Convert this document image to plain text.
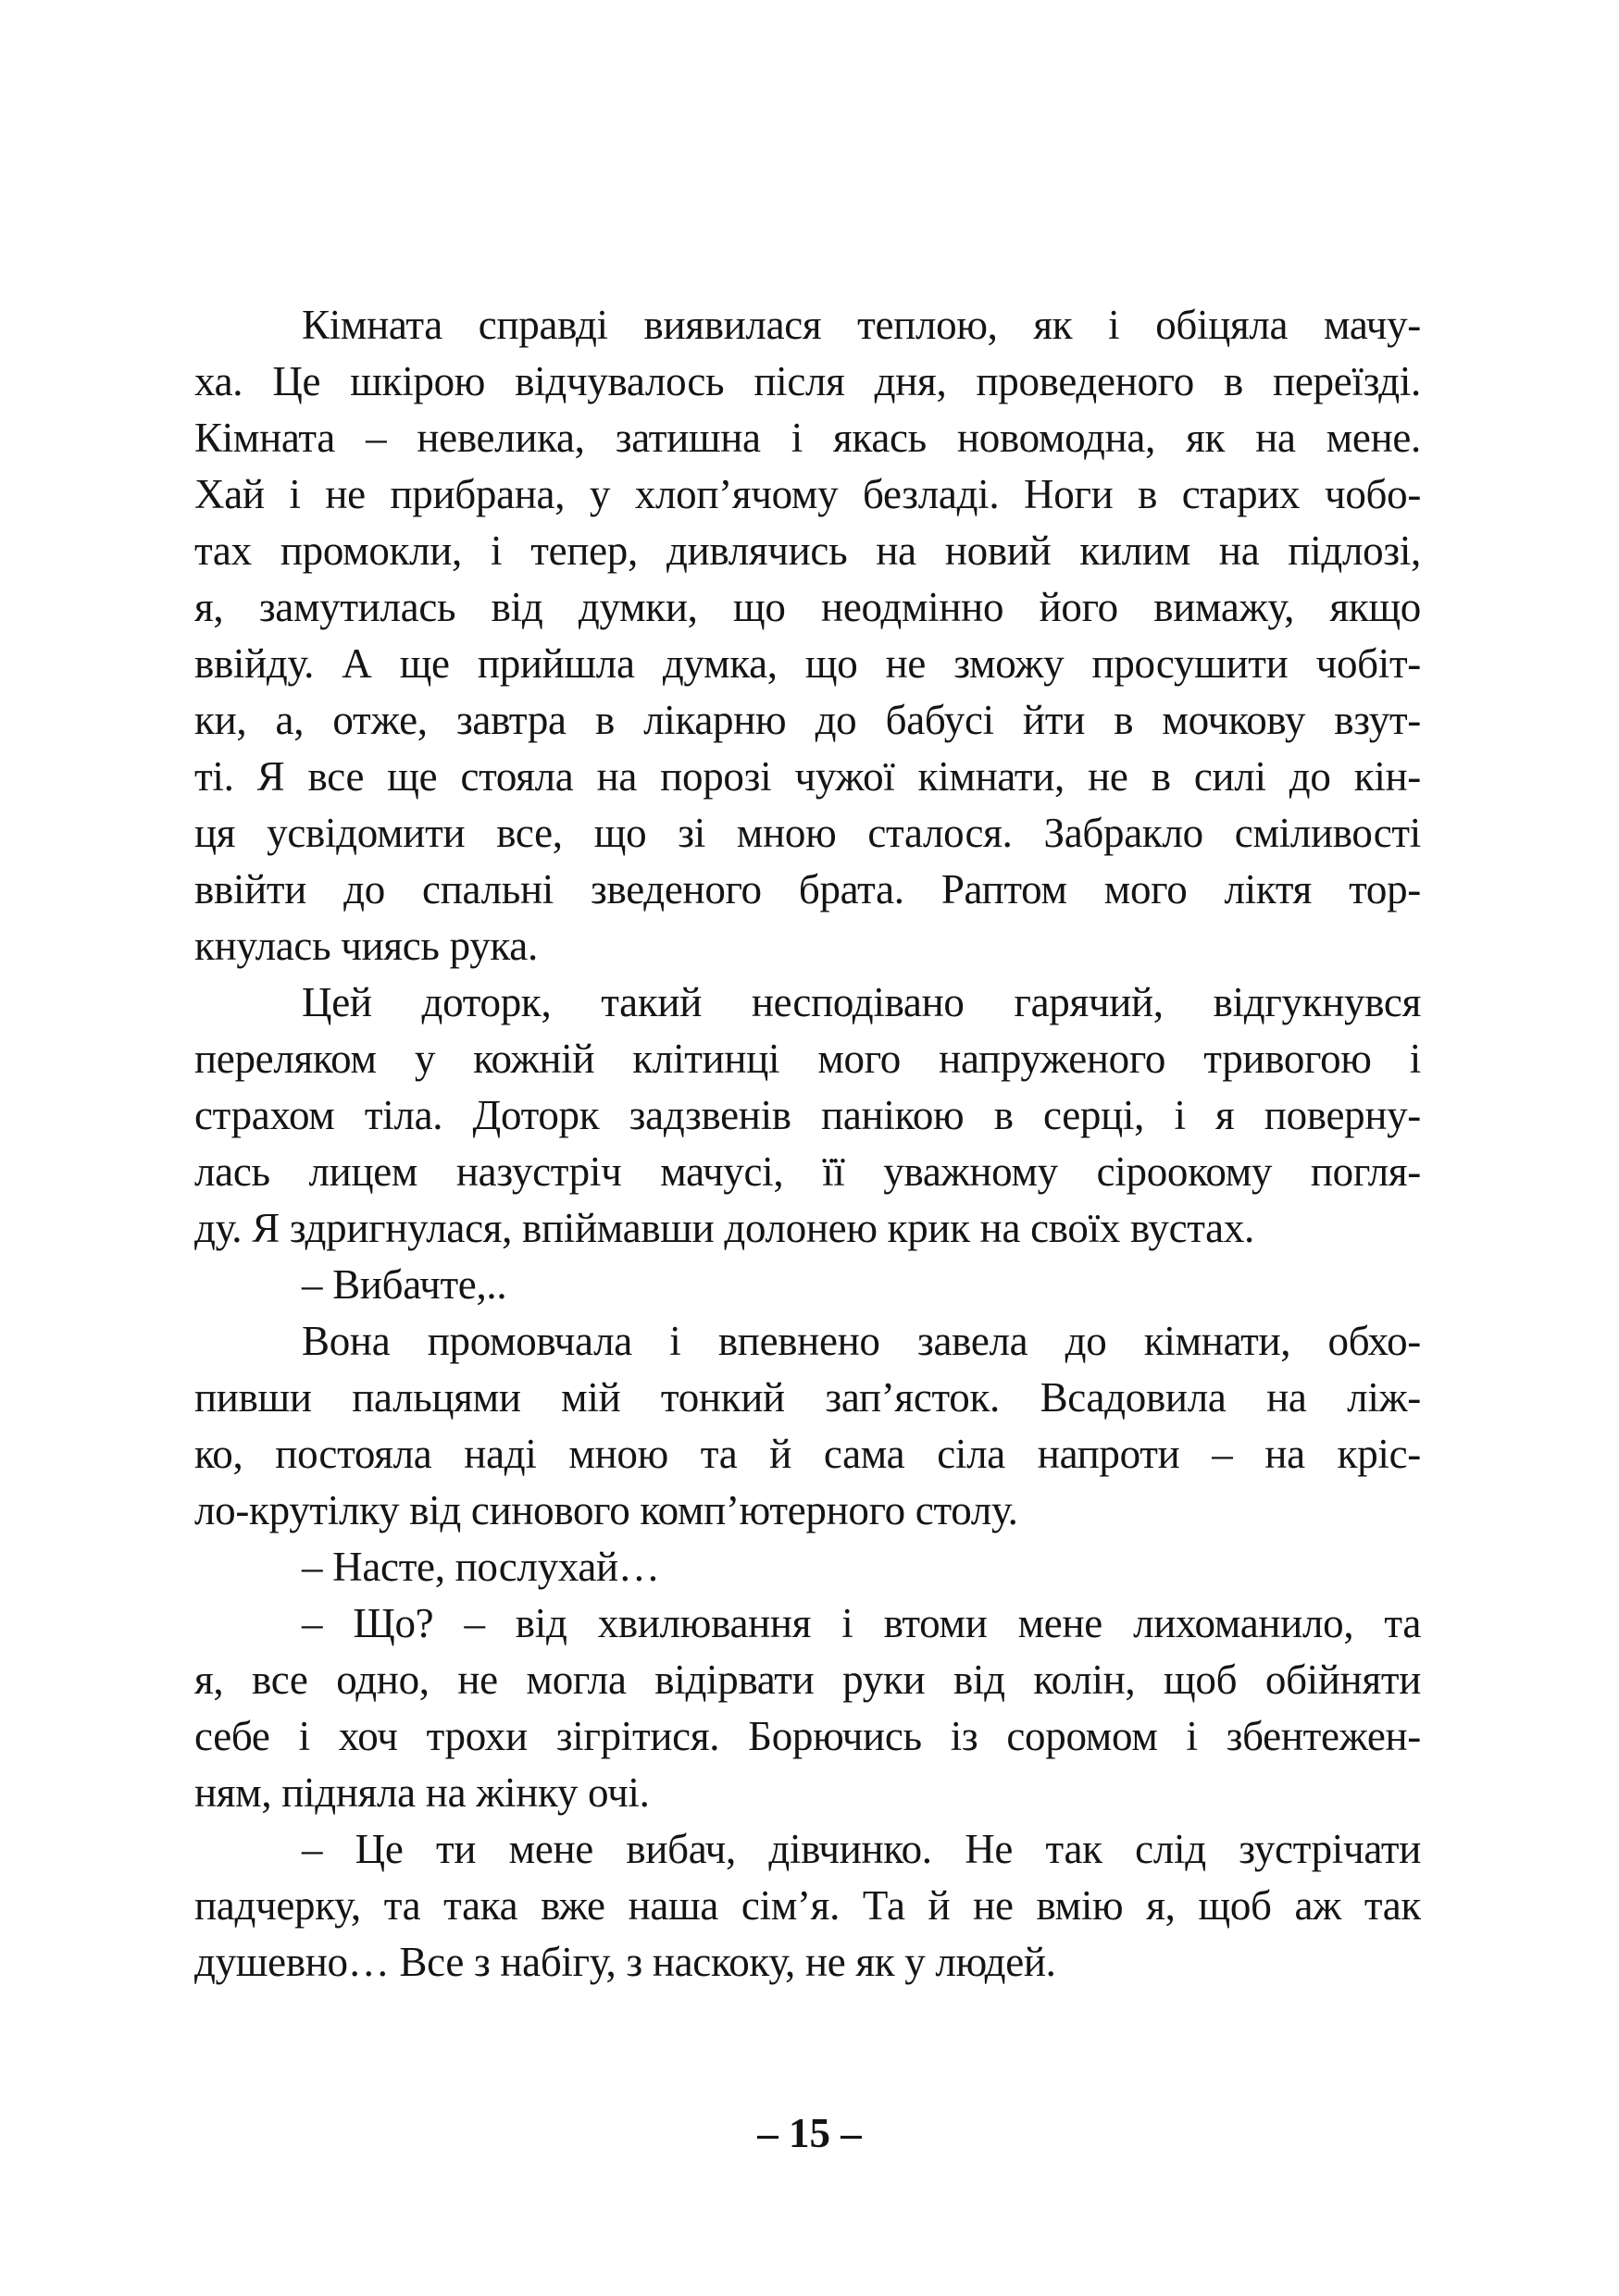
Кімната справді виявилася теплою, як і обіцяла мачу-
ха. Це шкірою відчувалось після дня, проведеного в переїзді.
Кімната – невелика, затишна і якась новомодна, як на мене.
Хай і не прибрана, у хлоп’ячому безладі. Ноги в старих чобо-
тах промокли, і тепер, дивлячись на новий килим на підлозі,
я, замутилась від думки, що неодмінно його вимажу, якщо
ввійду. А ще прийшла думка, що не зможу просушити чобіт-
ки, а, отже, завтра в лікарню до бабусі йти в мочкову взут-
ті. Я все ще стояла на порозі чужої кімнати, не в силі до кін-
ця усвідомити все, що зі мною сталося. Забракло сміливості
ввійти до спальні зведеного брата. Раптом мого ліктя тор-
кнулась чиясь рука.
Цей доторк, такий несподівано гарячий, відгукнувся
переляком у кожній клітинці мого напруженого тривогою і
страхом тіла. Доторк задзвенів панікою в серці, і я поверну-
лась лицем назустріч мачусі, її уважному сіроокому погля-
ду. Я здригнулася, впіймавши долонею крик на своїх вустах.
– Вибачте,..
Вона промовчала і впевнено завела до кімнати, обхо-
пивши пальцями мій тонкий зап’ясток. Всадовила на ліж-
ко, постояла наді мною та й сама сіла напроти – на кріс-
ло-крутілку від синового комп’ютерного столу.
– Насте, послухай…
– Що? – від хвилювання і втоми мене лихоманило, та
я, все одно, не могла відірвати руки від колін, щоб обійняти
себе і хоч трохи зігрітися. Борючись із соромом і збентежен-
ням, підняла на жінку очі.
– Це ти мене вибач, дівчинко. Не так слід зустрічати
падчерку, та така вже наша сім’я. Та й не вмію я, щоб аж так
душевно… Все з набігу, з наскоку, не як у людей.
– 15 –
